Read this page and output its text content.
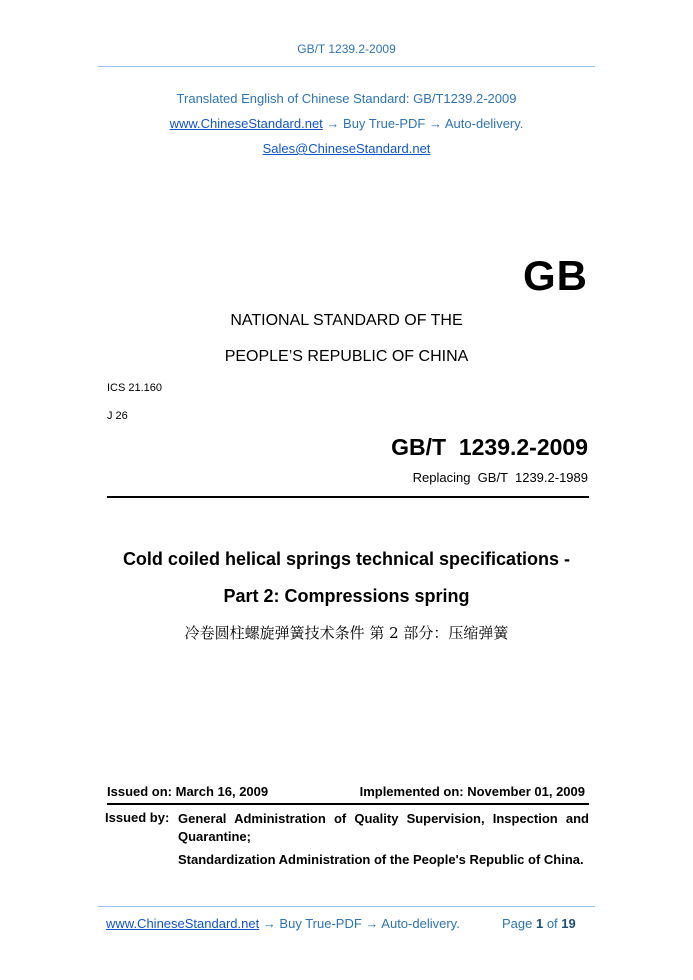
GB/T 1239.2-2009
Translated English of Chinese Standard: GB/T1239.2-2009
www.ChineseStandard.net → Buy True-PDF → Auto-delivery.
Sales@ChineseStandard.net
GB
NATIONAL STANDARD OF THE
PEOPLE’S REPUBLIC OF CHINA
ICS 21.160
J 26
GB/T  1239.2-2009
Replacing  GB/T  1239.2-1989
Cold coiled helical springs technical specifications -
Part 2: Compressions spring
冷卷圆柱螺旋弹簧技术条件 第 2 部分：压缩弹簧
Issued on: March 16, 2009	Implemented on: November 01, 2009
Issued by: General Administration of Quality Supervision, Inspection and Quarantine;
Standardization Administration of the People's Republic of China.
www.ChineseStandard.net → Buy True-PDF → Auto-delivery.	Page 1 of 19
